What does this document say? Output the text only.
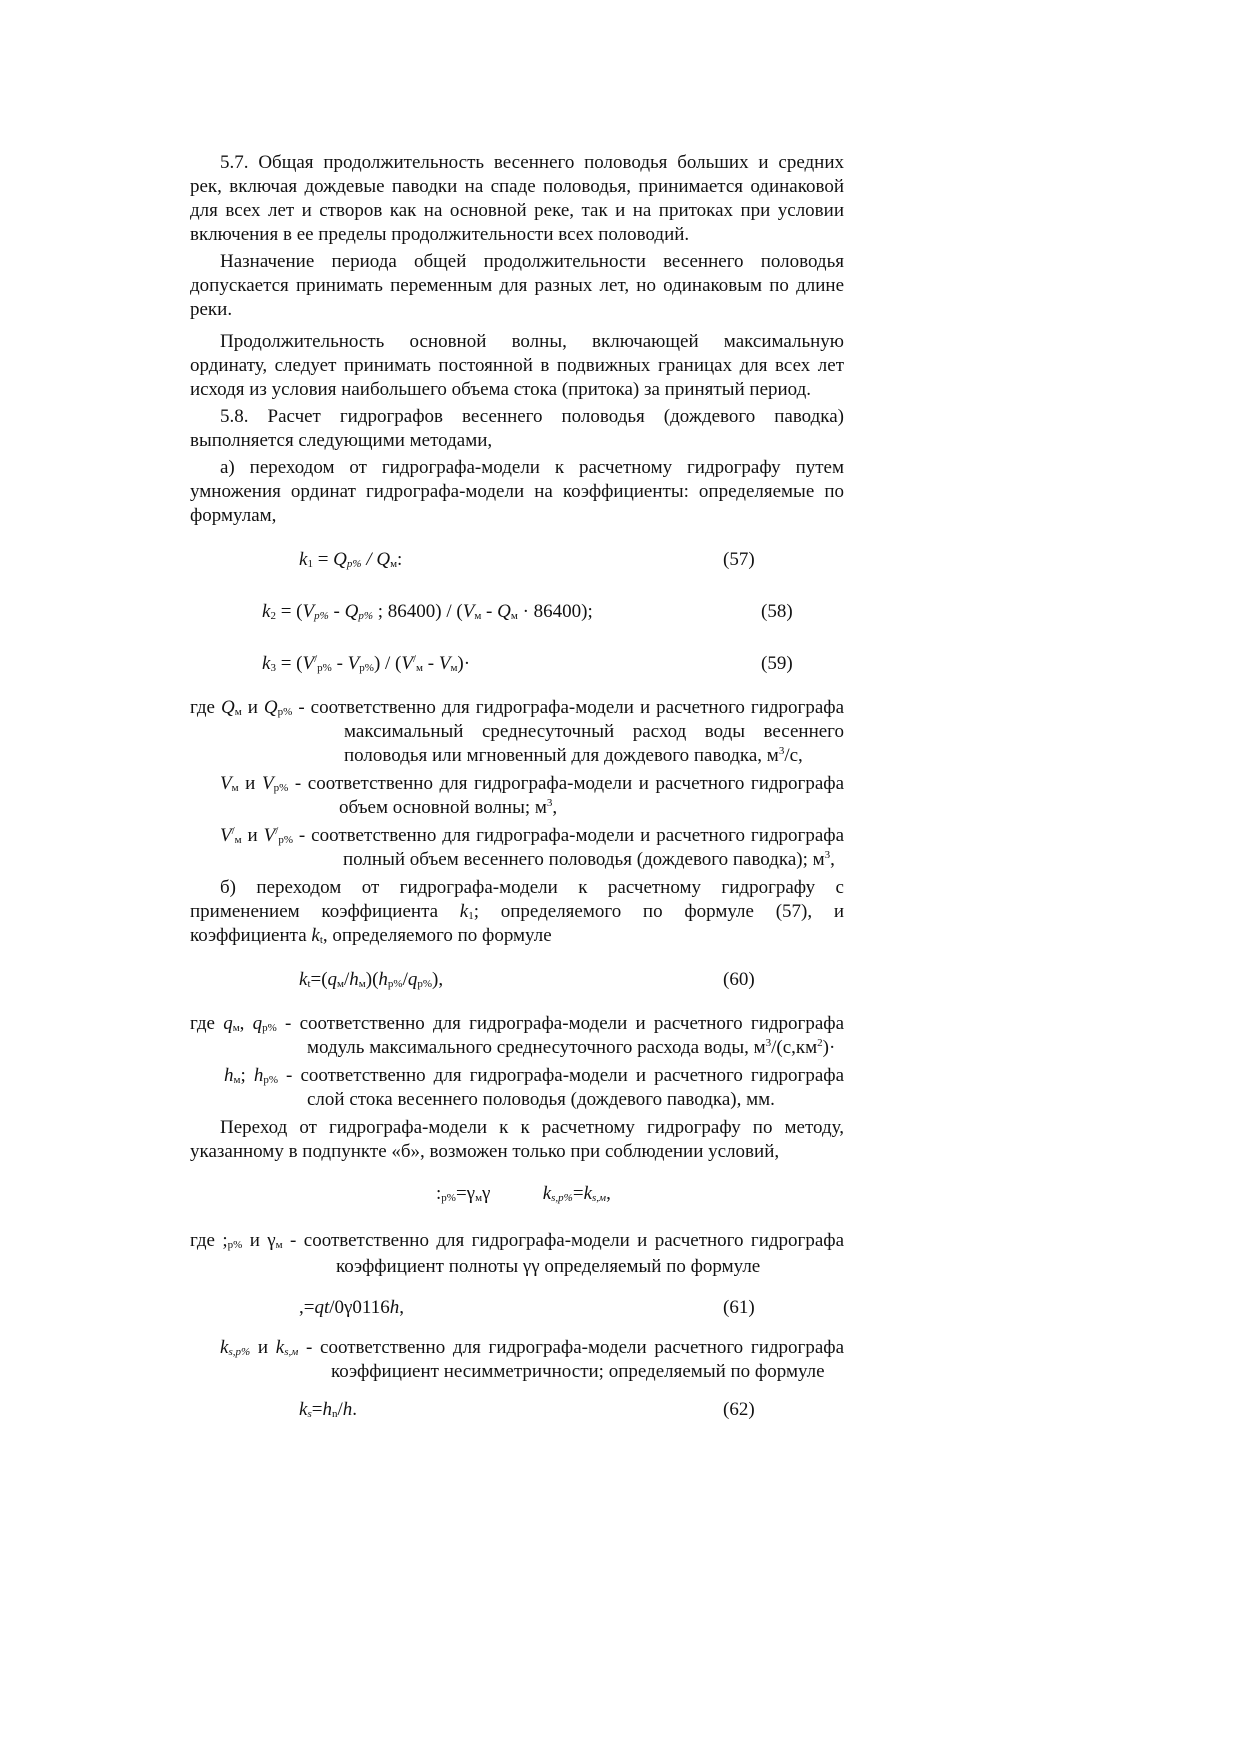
5.7. Общая продолжительность весеннего половодья больших и средних рек, включая дождевые паводки на спаде половодья, принимается одинаковой для всех лет и створов как на основной реке, так и на притоках при условии включения в ее пределы продолжительности всех половодий.

Назначение периода общей продолжительности весеннего половодья допускается принимать переменным для разных лет, но одинаковым по длине реки.

Продолжительность основной волны, включающей максимальную ординату, следует принимать постоянной в подвижных границах для всех лет исходя из условия наибольшего объема стока (притока) за принятый период.

5.8. Расчет гидрографов весеннего половодья (дождевого паводка) выполняется следующими методами,

а) переходом от гидрографа-модели к расчетному гидрографу путем умножения ординат гидрографа-модели на коэффициенты: определяемые по формулам,

$k_1 = Q_{р\%} / Q_м$:	(57)
$k_2 = (V_{р\%} - Q_{р\%}$ ; $86400) / (V_м - Q_м \cdot 86400)$;	(58)
$k_3 = (V^/_{р\%} - V_{р\%}) / (V^/_м - V_м)\cdot$	(59)

где $Q_м$ и $Q_{р\%}$ - соответственно для гидрографа-модели и расчетного гидрографа максимальный среднесуточный расход воды весеннего половодья или мгновенный для дождевого паводка, $м^3/с$,

$V_м$ и $V_{р\%}$ - соответственно для гидрографа-модели и расчетного гидрографа объем основной волны; $м^3$,

$V^/_м$ и $V^/_{р\%}$ - соответственно для гидрографа-модели и расчетного гидрографа полный объем весеннего половодья (дождевого паводка); $м^3$,

б) переходом от гидрографа-модели к расчетному гидрографу с применением коэффициента $k_1$; определяемого по формуле (57), и коэффициента $k_t$, определяемого по формуле

$k_t=(q_м/h_м)(h_{р\%}/q_{р\%})$,	(60)

где $q_м$, $q_{р\%}$ - соответственно для гидрографа-модели и расчетного гидрографа модуль максимального среднесуточного расхода воды, $м^3/(с,км^2)\cdot$

$h_м$; $h_{р\%}$ - соответственно для гидрографа-модели и расчетного гидрографа слой стока весеннего половодья (дождевого паводка), мм.

Переход от гидрографа-модели к к расчетному гидрографу по методу, указанному в подпункте «б», возможен только при соблюдении условий,

$:_{р\%}=\gamma_м\gamma$	$k_{s,р\%}=k_{s,м}$,

где $;_{р\%}$ и $\gamma_м$ - соответственно для гидрографа-модели и расчетного гидрографа коэффициент полноты γγ определяемый по формуле

,=qt/0γ0116h,	(61)

$k_{s,р\%}$ и $k_{s,м}$ - соответственно для гидрографа-модели расчетного гидрографа коэффициент несимметричности; определяемый по формуле

$k_s=h_n/h$.	(62)
